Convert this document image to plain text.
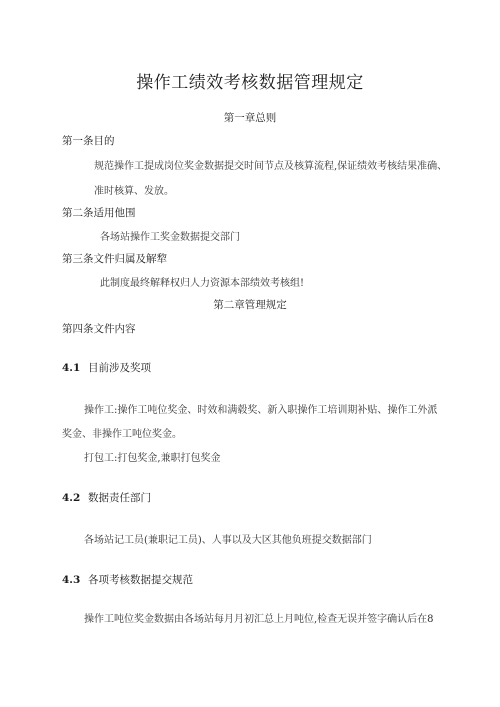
操作工绩效考核数据管理规定
第一章总则
第一条目的
规范操作工提成岗位奖金数据提交时间节点及核算流程,保证绩效考核结果准确、
准时核算、发放。
第二条适用他围
各场站操作工奖金数据提交部门
第三条文件归属及解犂
此制度最终解释权归人力资源本部绩效考核组!
第二章管理规定
第四条文件内容
4.1 目前涉及奖项
操作工:操作工吨位奖金、时效和满毂奖、新入职操作工培训期补贴、操作工外派
奖金、非操作工吨位奖金。
打包工:打包奖金,兼职打包奖金
4.2 数据责任部门
各场站记工员(兼职记工员)、人事以及大区其他负班提交数据部门
4.3 各项考核数据提交规范
操作工吨位奖金数据由各场站每月月初汇总上月吨位,检查无误并签字确认后在8
